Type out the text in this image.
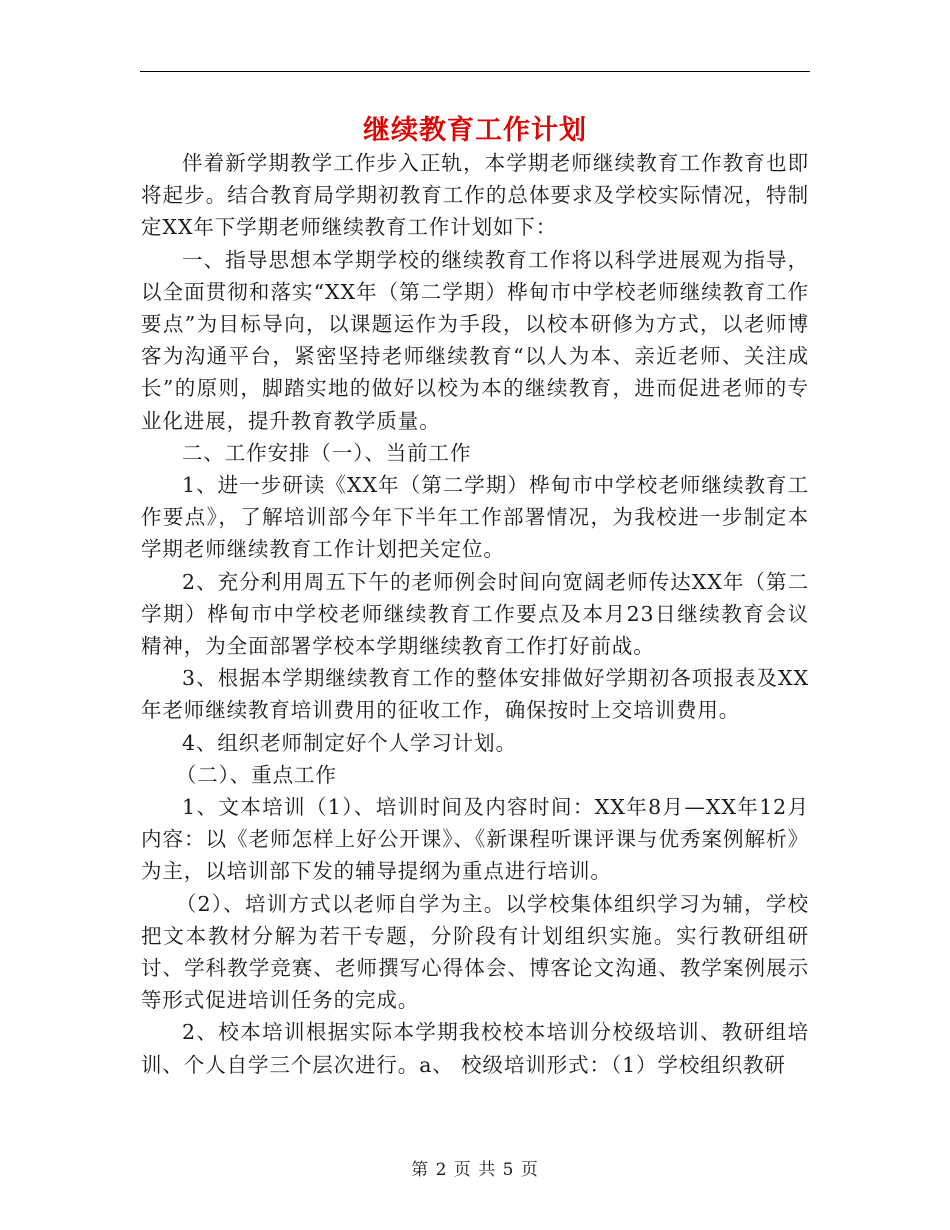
继续教育工作计划

伴着新学期教学工作步入正轨，本学期老师继续教育工作教育也即将起步。结合教育局学期初教育工作的总体要求及学校实际情况，特制定XX年下学期老师继续教育工作计划如下：

一、指导思想本学期学校的继续教育工作将以科学进展观为指导，以全面贯彻和落实“XX年（第二学期）桦甸市中学校老师继续教育工作要点”为目标导向，以课题运作为手段，以校本研修为方式，以老师博客为沟通平台，紧密坚持老师继续教育“以人为本、亲近老师、关注成长”的原则，脚踏实地的做好以校为本的继续教育，进而促进老师的专业化进展，提升教育教学质量。

二、工作安排（一）、当前工作

1、进一步研读《XX年（第二学期）桦甸市中学校老师继续教育工作要点》，了解培训部今年下半年工作部署情况，为我校进一步制定本学期老师继续教育工作计划把关定位。

2、充分利用周五下午的老师例会时间向宽阔老师传达XX年（第二学期）桦甸市中学校老师继续教育工作要点及本月23日继续教育会议精神，为全面部署学校本学期继续教育工作打好前战。

3、根据本学期继续教育工作的整体安排做好学期初各项报表及XX年老师继续教育培训费用的征收工作，确保按时上交培训费用。

4、组织老师制定好个人学习计划。

（二）、重点工作

1、文本培训（1）、培训时间及内容时间：XX年8月—XX年12月内容：以《老师怎样上好公开课》、《新课程听课评课与优秀案例解析》为主，以培训部下发的辅导提纲为重点进行培训。

（2）、培训方式以老师自学为主。以学校集体组织学习为辅，学校把文本教材分解为若干专题，分阶段有计划组织实施。实行教研组研讨、学科教学竞赛、老师撰写心得体会、博客论文沟通、教学案例展示等形式促进培训任务的完成。

2、校本培训根据实际本学期我校校本培训分校级培训、教研组培训、个人自学三个层次进行。a、 校级培训形式：（1）学校组织教研

第 2 页 共 5 页
